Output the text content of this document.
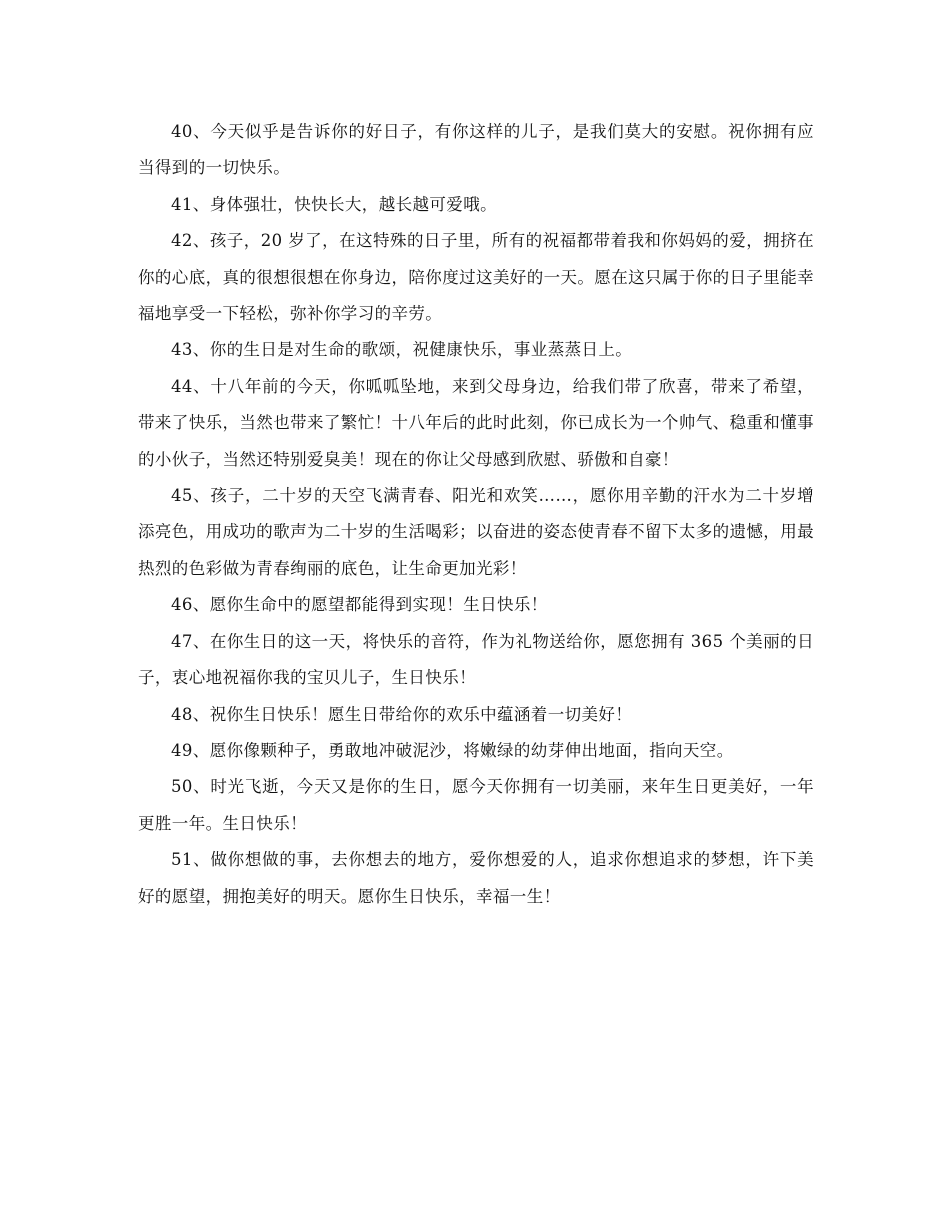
40、今天似乎是告诉你的好日子，有你这样的儿子，是我们莫大的安慰。祝你拥有应当得到的一切快乐。

41、身体强壮，快快长大，越长越可爱哦。

42、孩子，20 岁了，在这特殊的日子里，所有的祝福都带着我和你妈妈的爱，拥挤在你的心底，真的很想很想在你身边，陪你度过这美好的一天。愿在这只属于你的日子里能幸福地享受一下轻松，弥补你学习的辛劳。

43、你的生日是对生命的歌颂，祝健康快乐，事业蒸蒸日上。

44、十八年前的今天，你呱呱坠地，来到父母身边，给我们带了欣喜，带来了希望，带来了快乐，当然也带来了繁忙！十八年后的此时此刻，你已成长为一个帅气、稳重和懂事的小伙子，当然还特别爱臭美！现在的你让父母感到欣慰、骄傲和自豪！

45、孩子，二十岁的天空飞满青春、阳光和欢笑……，愿你用辛勤的汗水为二十岁增添亮色，用成功的歌声为二十岁的生活喝彩；以奋进的姿态使青春不留下太多的遗憾，用最热烈的色彩做为青春绚丽的底色，让生命更加光彩！

46、愿你生命中的愿望都能得到实现！生日快乐！

47、在你生日的这一天，将快乐的音符，作为礼物送给你，愿您拥有 365 个美丽的日子，衷心地祝福你我的宝贝儿子，生日快乐！

48、祝你生日快乐！愿生日带给你的欢乐中蕴涵着一切美好！

49、愿你像颗种子，勇敢地冲破泥沙，将嫩绿的幼芽伸出地面，指向天空。

50、时光飞逝，今天又是你的生日，愿今天你拥有一切美丽，来年生日更美好，一年更胜一年。生日快乐！

51、做你想做的事，去你想去的地方，爱你想爱的人，追求你想追求的梦想，许下美好的愿望，拥抱美好的明天。愿你生日快乐，幸福一生！
